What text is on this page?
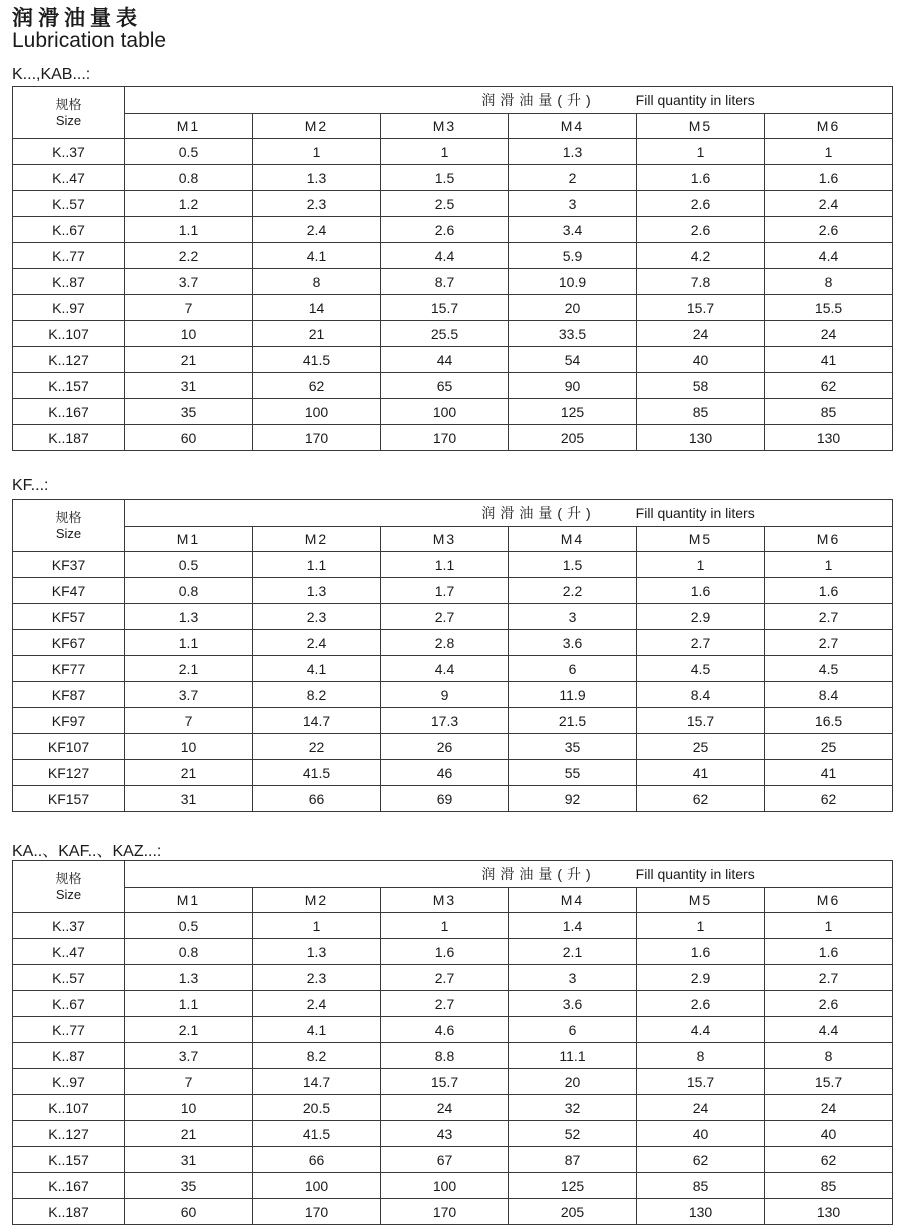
润滑油量表
Lubrication table
K...,KAB...:
规格
Size	润滑油量(升) Fill quantity in liters					
	M1	M2	M3	M4	M5	M6
K..37	0.5	1	1	1.3	1	1
K..47	0.8	1.3	1.5	2	1.6	1.6
K..57	1.2	2.3	2.5	3	2.6	2.4
K..67	1.1	2.4	2.6	3.4	2.6	2.6
K..77	2.2	4.1	4.4	5.9	4.2	4.4
K..87	3.7	8	8.7	10.9	7.8	8
K..97	7	14	15.7	20	15.7	15.5
K..107	10	21	25.5	33.5	24	24
K..127	21	41.5	44	54	40	41
K..157	31	62	65	90	58	62
K..167	35	100	100	125	85	85
K..187	60	170	170	205	130	130
KF...:
规格
Size	润滑油量(升) Fill quantity in liters					
	M1	M2	M3	M4	M5	M6
KF37	0.5	1.1	1.1	1.5	1	1
KF47	0.8	1.3	1.7	2.2	1.6	1.6
KF57	1.3	2.3	2.7	3	2.9	2.7
KF67	1.1	2.4	2.8	3.6	2.7	2.7
KF77	2.1	4.1	4.4	6	4.5	4.5
KF87	3.7	8.2	9	11.9	8.4	8.4
KF97	7	14.7	17.3	21.5	15.7	16.5
KF107	10	22	26	35	25	25
KF127	21	41.5	46	55	41	41
KF157	31	66	69	92	62	62
KA..、KAF..、KAZ...:
规格
Size	润滑油量(升) Fill quantity in liters					
	M1	M2	M3	M4	M5	M6
K..37	0.5	1	1	1.4	1	1
K..47	0.8	1.3	1.6	2.1	1.6	1.6
K..57	1.3	2.3	2.7	3	2.9	2.7
K..67	1.1	2.4	2.7	3.6	2.6	2.6
K..77	2.1	4.1	4.6	6	4.4	4.4
K..87	3.7	8.2	8.8	11.1	8	8
K..97	7	14.7	15.7	20	15.7	15.7
K..107	10	20.5	24	32	24	24
K..127	21	41.5	43	52	40	40
K..157	31	66	67	87	62	62
K..167	35	100	100	125	85	85
K..187	60	170	170	205	130	130
